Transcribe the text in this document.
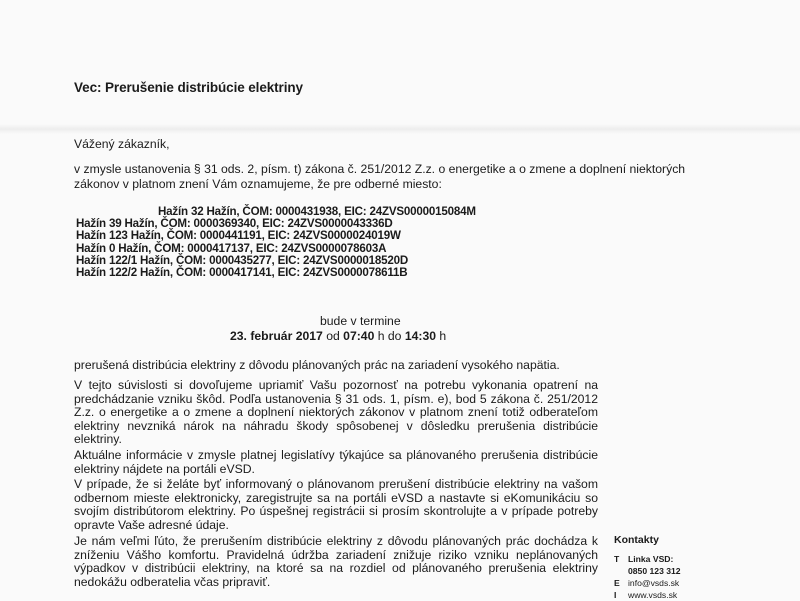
Vec: Prerušenie distribúcie elektriny
Vážený zákazník,
v zmysle ustanovenia § 31 ods. 2, písm. t) zákona č. 251/2012 Z.z. o energetike a o zmene a doplnení niektorých zákonov v platnom znení Vám oznamujeme, že pre odberné miesto:
Hažín 32 Hažín, ČOM: 0000431938, EIC: 24ZVS0000015084M
Hažín 39 Hažín, ČOM: 0000369340, EIC: 24ZVS0000043336D
Hažín 123 Hažín, ČOM: 0000441191, EIC: 24ZVS0000024019W
Hažín 0 Hažín, ČOM: 0000417137, EIC: 24ZVS0000078603A
Hažín 122/1 Hažín, ČOM: 0000435277, EIC: 24ZVS0000018520D
Hažín 122/2 Hažín, ČOM: 0000417141, EIC: 24ZVS0000078611B
bude v termine
23. február 2017 od 07:40 h do 14:30 h
prerušená distribúcia elektriny z dôvodu plánovaných prác na zariadení vysokého napätia.
V tejto súvislosti si dovoľujeme upriamiť Vašu pozornosť na potrebu vykonania opatrení na predchádzanie vzniku škôd. Podľa ustanovenia § 31 ods. 1, písm. e), bod 5 zákona č. 251/2012 Z.z. o energetike a o zmene a doplnení niektorých zákonov v platnom znení totiž odberateľom elektriny nevzniká nárok na náhradu škody spôsobenej v dôsledku prerušenia distribúcie elektriny.
Aktuálne informácie v zmysle platnej legislatívy týkajúce sa plánovaného prerušenia distribúcie elektriny nájdete na portáli eVSD.
V prípade, že si želáte byť informovaný o plánovanom prerušení distribúcie elektriny na vašom odbernom mieste elektronicky, zaregistrujte sa na portáli eVSD a nastavte si eKomunikáciu so svojím distribútorom elektriny. Po úspešnej registrácii si prosím skontrolujte a v prípade potreby opravte Vaše adresné údaje.
Je nám veľmi ľúto, že prerušením distribúcie elektriny z dôvodu plánovaných prác dochádza k zníženiu Vášho komfortu. Pravidelná údržba zariadení znižuje riziko vzniku neplánovaných výpadkov v distribúcii elektriny, na ktoré sa na rozdiel od plánovaného prerušenia elektriny nedokážu odberatelia včas pripraviť.
Kontakty
T Linka VSD:
0850 123 312
E info@vsds.sk
I www.vsds.sk
